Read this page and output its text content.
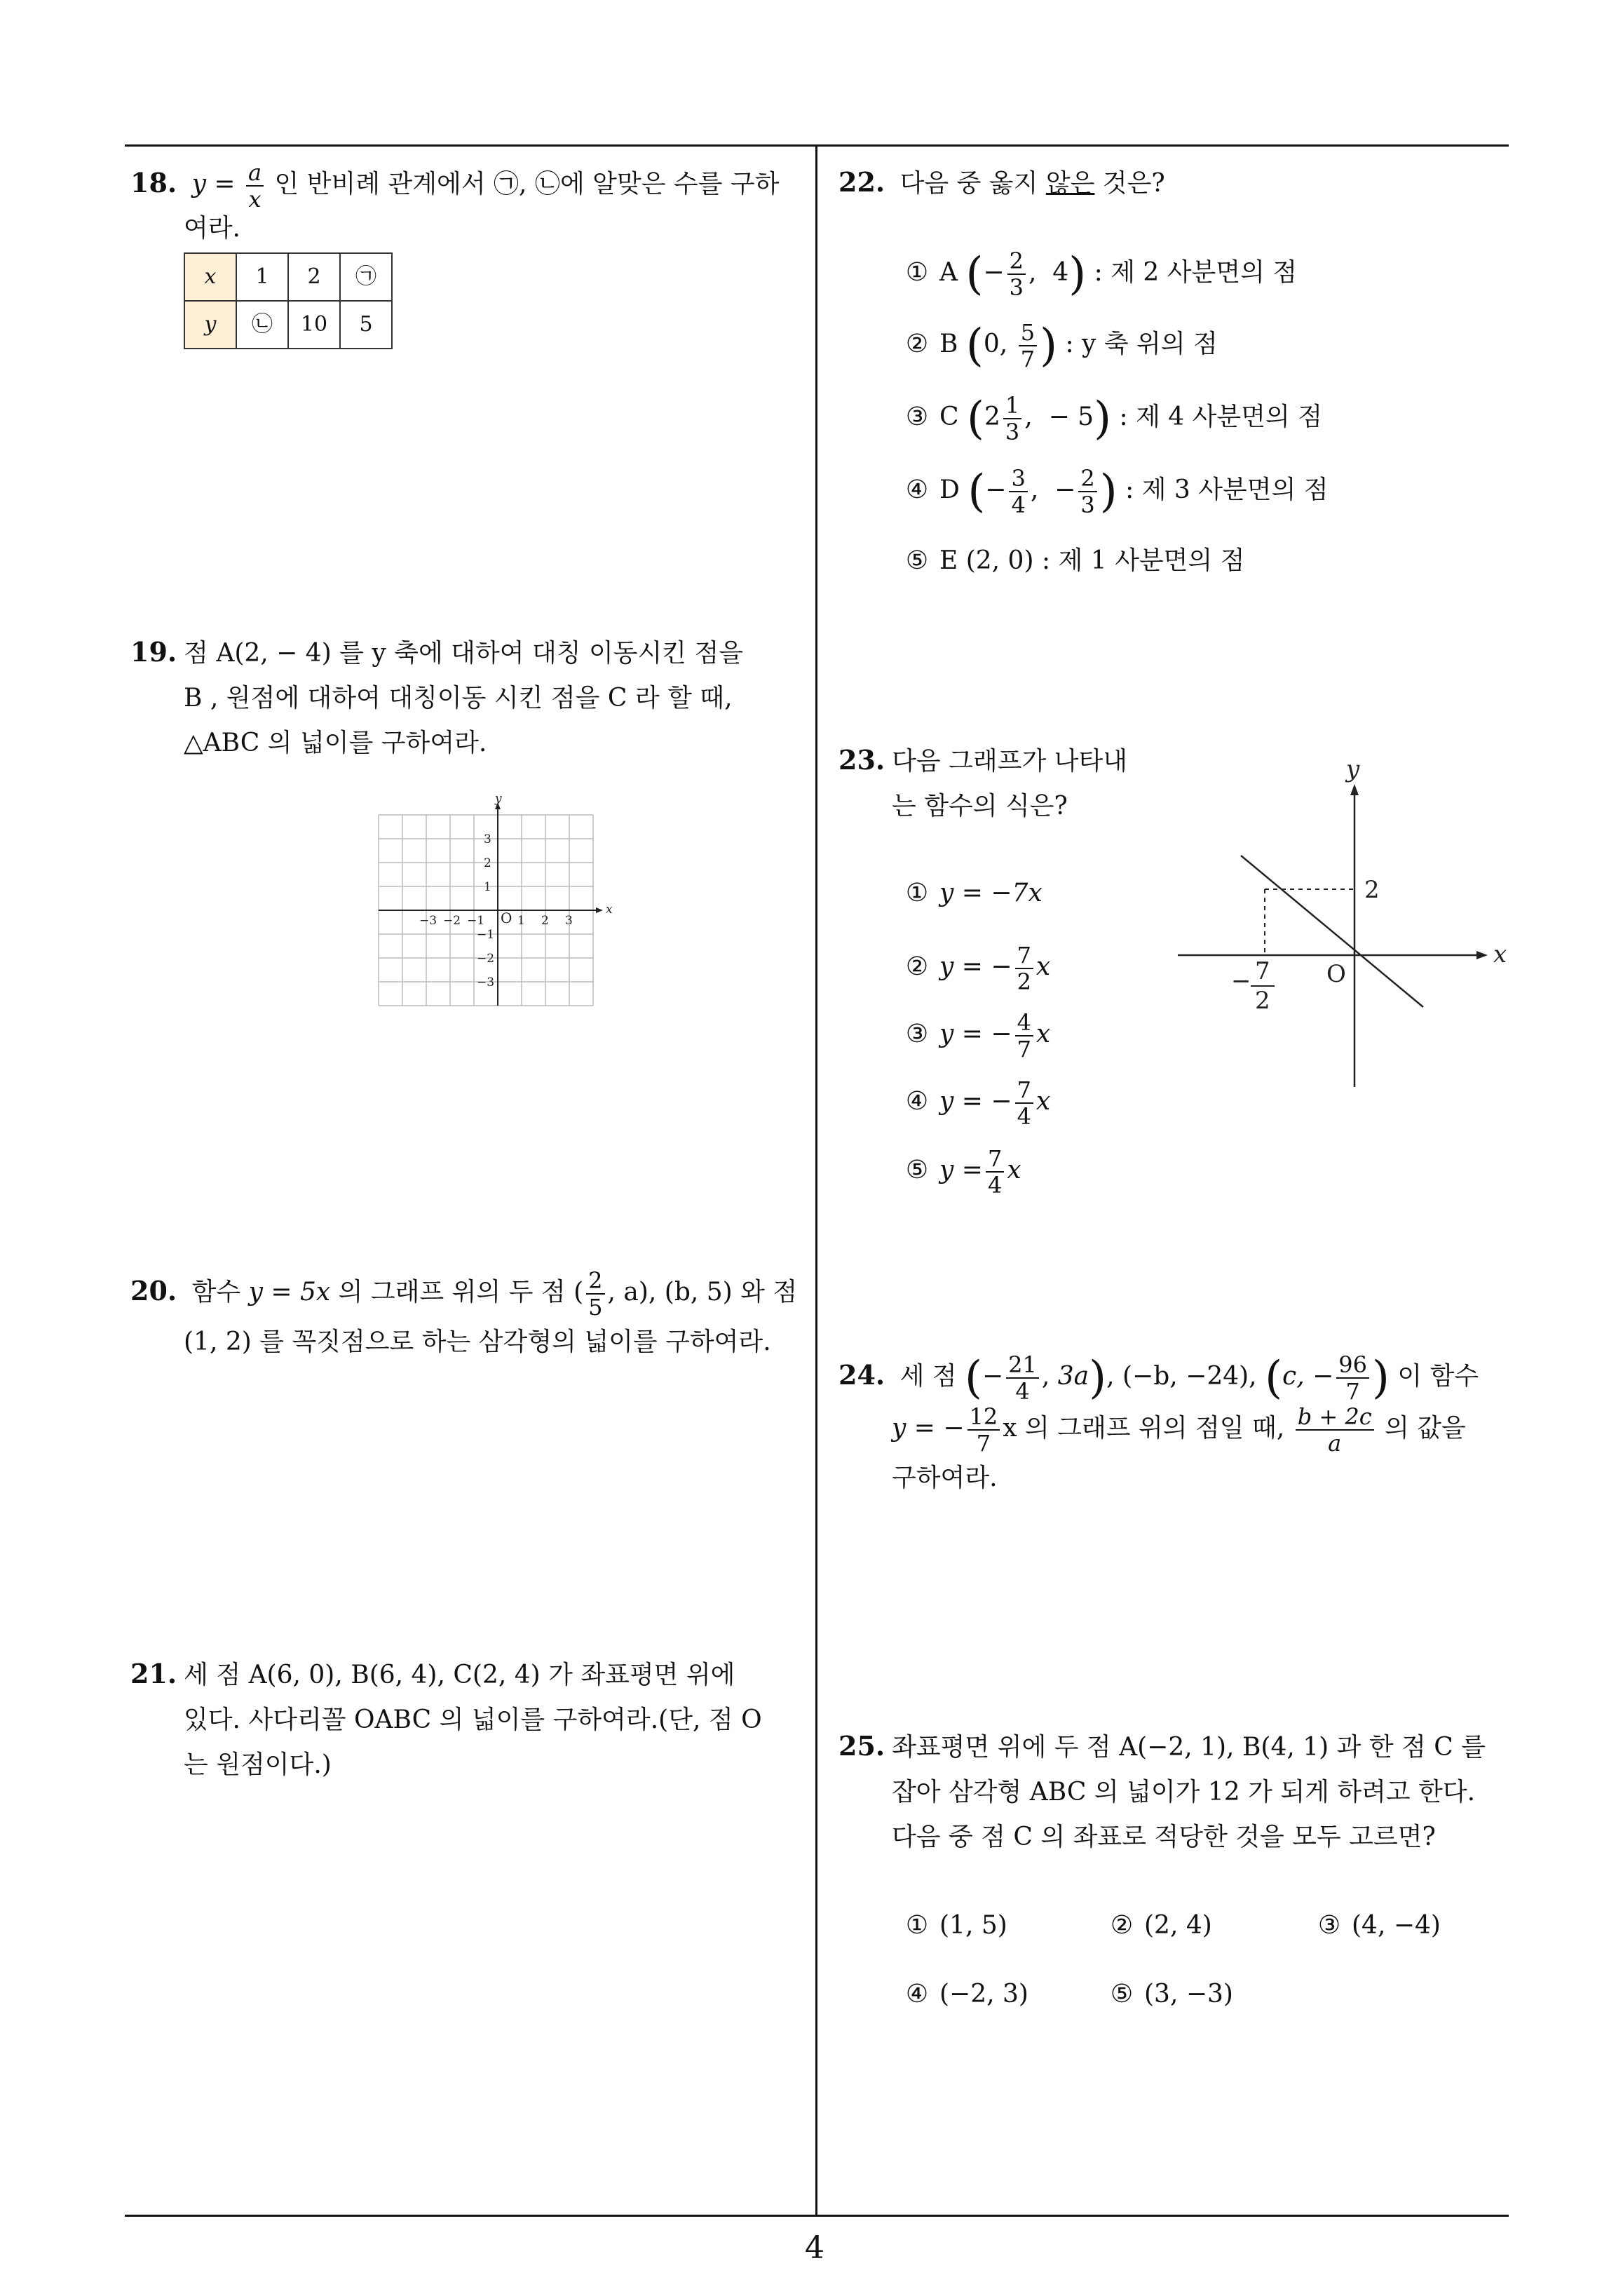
4
18. $y = \frac{a}{x}$ 인 반비례 관계에서 ㉠, ㉡에 알맞은 수를 구하
여라.
x	1	2	㉠
y	㉡	10	5
19. 점 A(2, − 4) 를 y 축에 대하여 대칭 이동시킨 점을
B , 원점에 대하여 대칭이동 시킨 점을 C 라 할 때,
△ABC 의 넓이를 구하여라.
x
y
O
−3 −2 −1	1 2 3
3
2
1
−1
−2
−3
20. 함수 y = 5x 의 그래프 위의 두 점 ( $\frac{2}{5}$ , a), (b, 5) 와 점
(1, 2) 를 꼭짓점으로 하는 삼각형의 넓이를 구하여라.
21. 세 점 A(6, 0), B(6, 4), C(2, 4) 가 좌표평면 위에
있다. 사다리꼴 OABC 의 넓이를 구하여라.(단, 점 O
는 원점이다.)
22. 다음 중 옳지 않은 것은?
① A (− $\frac{2}{3}$ ,  4) : 제 2 사분면의 점
② B (0, $\frac{5}{7}$ ) : y 축 위의 점
③ C ($2 \frac{1}{3}$ ,  − 5) : 제 4 사분면의 점
④ D (− $\frac{3}{4}$ ,  − $\frac{2}{3}$ ) : 제 3 사분면의 점
⑤ E (2, 0) : 제 1 사분면의 점
23. 다음 그래프가 나타내
는 함수의 식은?
① y = −7x
② y = − $\frac{7}{2}$ x
③ y = − $\frac{4}{7}$ x
④ y = − $\frac{7}{4}$ x
⑤ $y = \frac{7}{4}$ x
x
y
O
2
− 7
2
24. 세 점 (− $\frac{21}{4}$ , 3a), (−b, −24), (c, − $\frac{96}{7}$ ) 이 함수
y = − $\frac{12}{7}$ x 의 그래프 위의 점일 때, $\frac{b + 2c}{a}$ 의 값을
구하여라.
25. 좌표평면 위에 두 점 A(−2, 1), B(4, 1) 과 한 점 C 를
잡아 삼각형 ABC 의 넓이가 12 가 되게 하려고 한다.
다음 중 점 C 의 좌표로 적당한 것을 모두 고르면?
① (1, 5)	② (2, 4)	③ (4, −4)
④ (−2, 3)	⑤ (3, −3)
